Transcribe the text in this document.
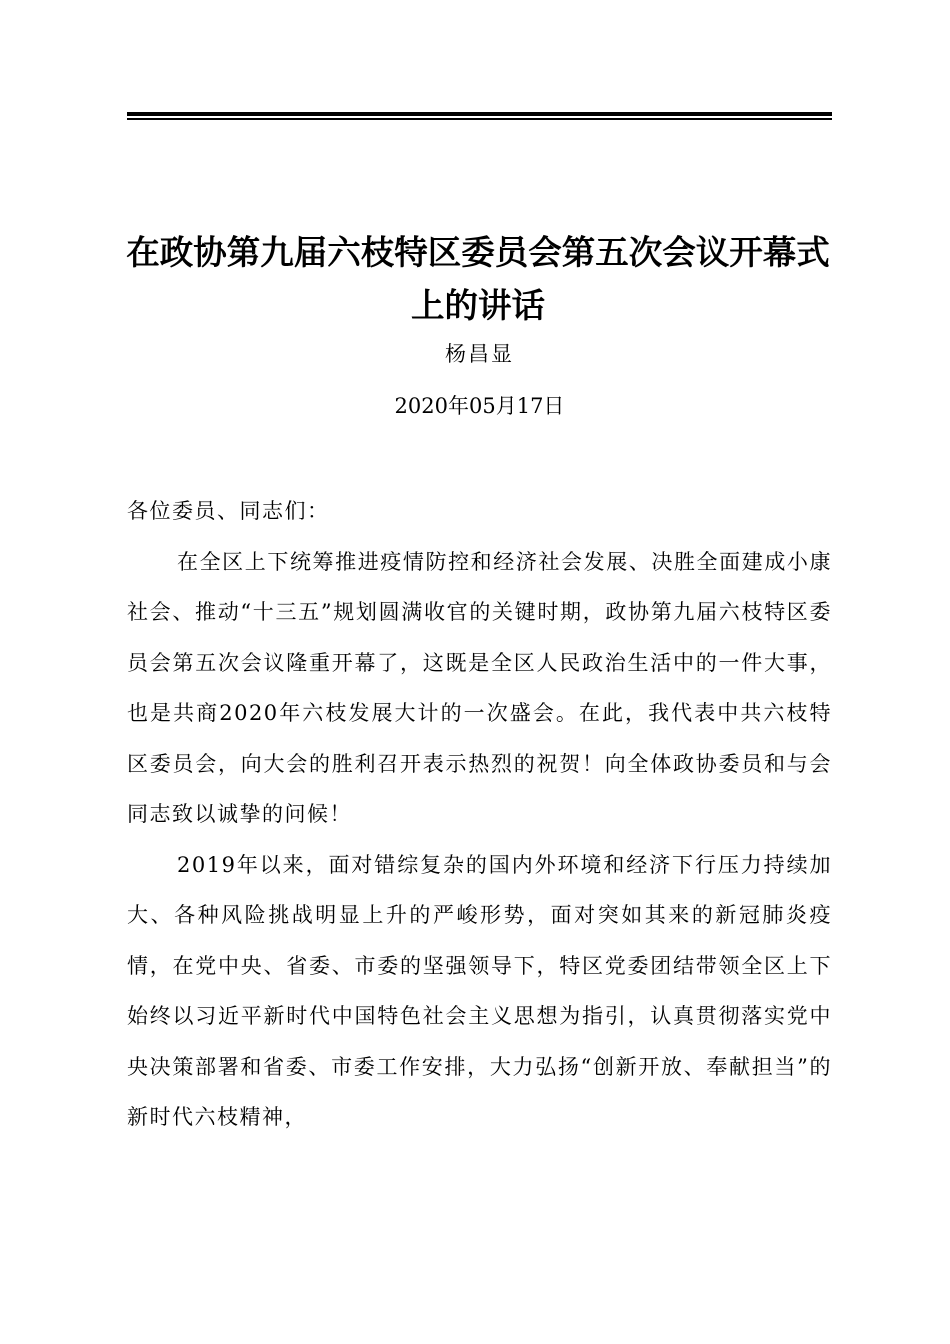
在政协第九届六枝特区委员会第五次会议开幕式上的讲话
杨昌显
2020年05月17日

各位委员、同志们：

在全区上下统筹推进疫情防控和经济社会发展、决胜全面建成小康社会、推动“十三五”规划圆满收官的关键时期，政协第九届六枝特区委员会第五次会议隆重开幕了，这既是全区人民政治生活中的一件大事，也是共商2020年六枝发展大计的一次盛会。在此，我代表中共六枝特区委员会，向大会的胜利召开表示热烈的祝贺！向全体政协委员和与会同志致以诚挚的问候！

2019年以来，面对错综复杂的国内外环境和经济下行压力持续加大、各种风险挑战明显上升的严峻形势，面对突如其来的新冠肺炎疫情，在党中央、省委、市委的坚强领导下，特区党委团结带领全区上下始终以习近平新时代中国特色社会主义思想为指引，认真贯彻落实党中央决策部署和省委、市委工作安排，大力弘扬“创新开放、奉献担当”的新时代六枝精神，
